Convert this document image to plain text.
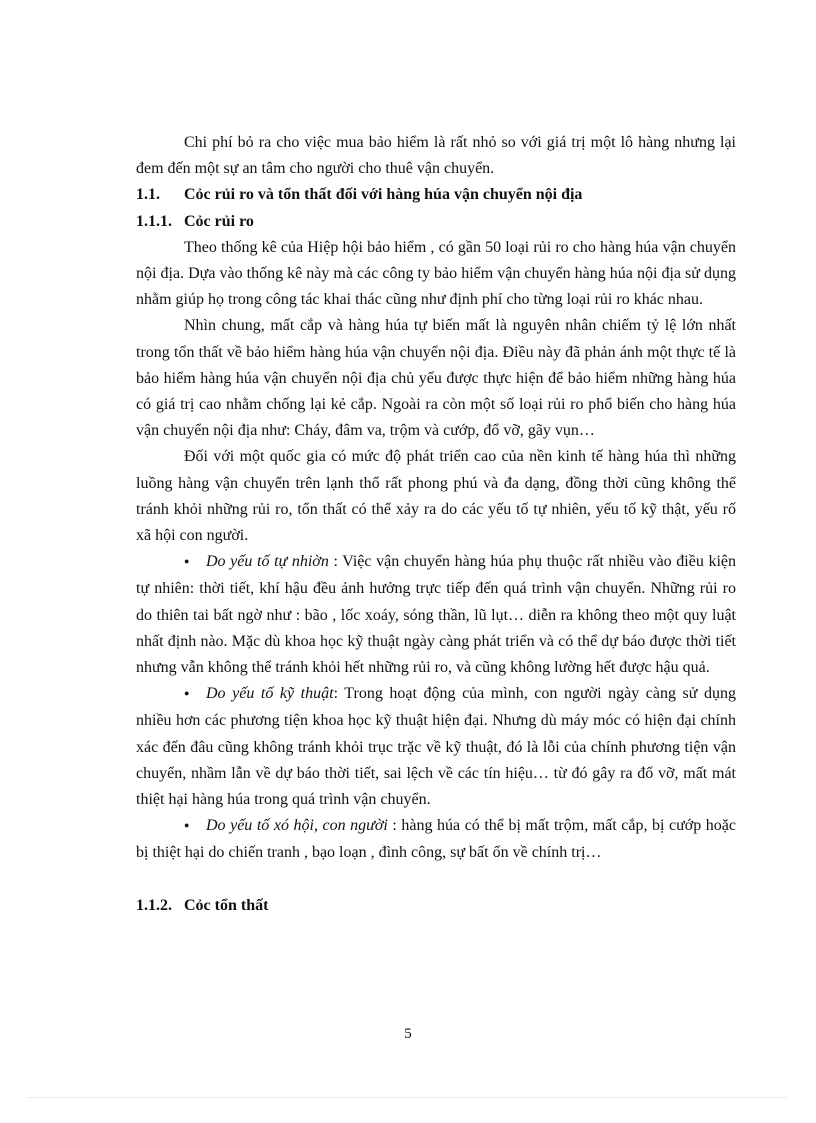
Chi phí bỏ ra cho việc mua bảo hiểm là rất nhỏ so với giá trị một lô hàng nhưng lại đem đến một sự an tâm cho người cho thuê vận chuyển.

1.1. Cỏc rủi ro và tổn thất đối với hàng húa vận chuyển nội địa
1.1.1. Cỏc rủi ro

Theo thống kê của Hiệp hội bảo hiểm , có gần 50 loại rủi ro cho hàng húa vận chuyển nội địa. Dựa vào thống kê này mà các công ty bảo hiểm vận chuyển hàng húa nội địa sử dụng nhằm giúp họ trong công tác khai thác cũng như định phí cho từng loại rủi ro khác nhau.

Nhìn chung, mất cắp và hàng húa tự biến mất là nguyên nhân chiếm tỷ lệ lớn nhất trong tổn thất về bảo hiểm hàng húa vận chuyển nội địa. Điều này đã phản ánh một thực tế là bảo hiểm hàng húa vận chuyển nội địa chủ yếu được thực hiện để bảo hiểm những hàng húa có giá trị cao nhằm chống lại kẻ cắp. Ngoài ra còn một số loại rủi ro phổ biến cho hàng húa vận chuyển nội địa như: Cháy, đâm va, trộm và cướp, đổ vỡ, gãy vụn…

Đối với một quốc gia có mức độ phát triển cao của nền kinh tế hàng húa thì những luồng hàng vận chuyển trên lạnh thổ rất phong phú và đa dạng, đồng thời cũng không thể tránh khỏi những rủi ro, tổn thất có thể xảy ra do các yếu tố tự nhiên, yếu tố kỹ thật, yếu rố xã hội con người.

●Do yếu tố tự nhiờn : Việc vận chuyển hàng húa phụ thuộc rất nhiều vào điều kiện tự nhiên: thời tiết, khí hậu đều ảnh hưởng trực tiếp đến quá trình vận chuyển. Những rủi ro do thiên tai bất ngờ như : bão , lốc xoáy, sóng thần, lũ lụt… diễn ra không theo một quy luật nhất định nào. Mặc dù khoa học kỹ thuật ngày càng phát triển và có thể dự báo được thời tiết nhưng vẫn không thể tránh khỏi hết những rủi ro, và cũng không lường hết được hậu quả.

●Do yếu tố kỹ thuật: Trong hoạt động của mình, con người ngày càng sử dụng nhiều hơn các phương tiện khoa học kỹ thuật hiện đại. Nhưng dù máy móc có hiện đại chính xác đến đâu cũng không tránh khỏi trục trặc về kỹ thuật, đó là lỗi của chính phương tiện vận chuyển, nhầm lẫn về dự báo thời tiết, sai lệch về các tín hiệu… từ đó gây ra đổ vỡ, mất mát thiệt hại hàng húa trong quá trình vận chuyển.

●Do yếu tố xó hội, con người : hàng húa có thể bị mất trộm, mất cắp, bị cướp hoặc bị thiệt hại do chiến tranh , bạo loạn , đình công, sự bất ổn về chính trị…

1.1.2. Cỏc tổn thất
5
